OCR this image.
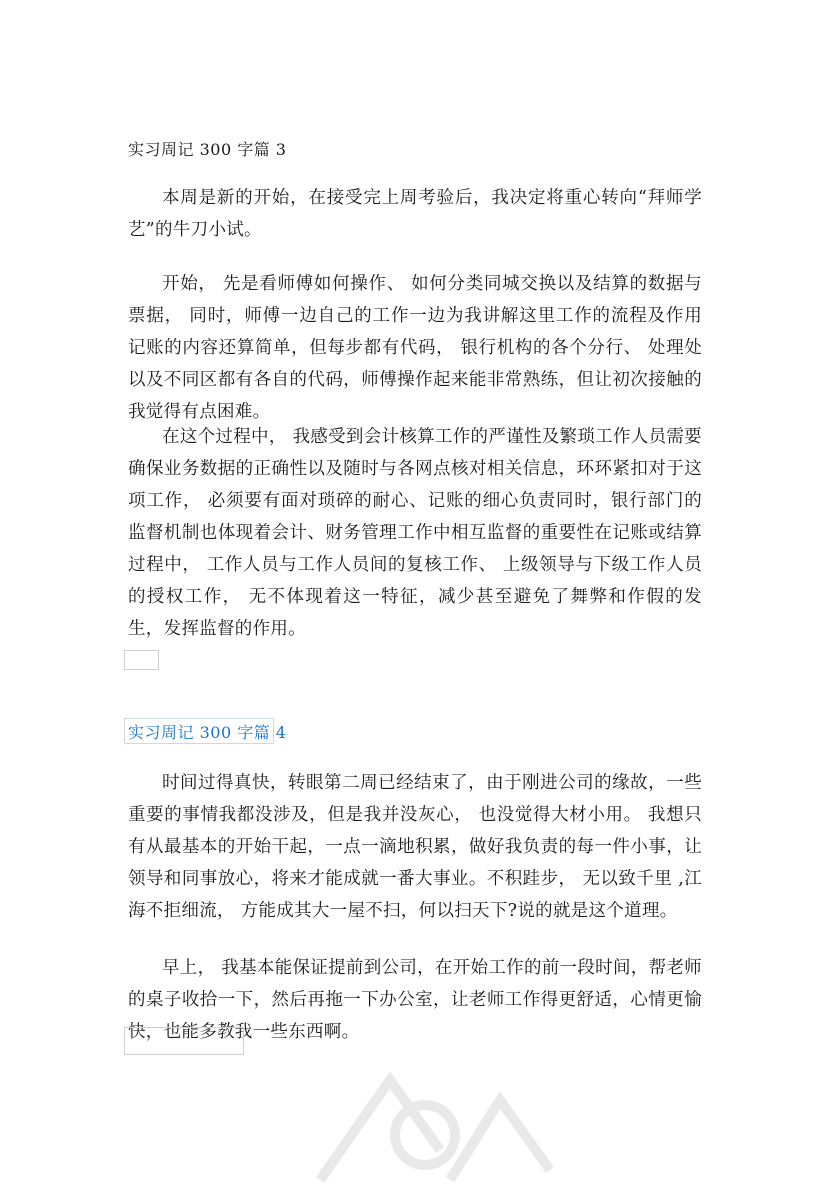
实习周记 300 字篇 3

本周是新的开始，在接受完上周考验后，我决定将重心转向“拜师学艺”的牛刀小试。

开始， 先是看师傅如何操作、 如何分类同城交换以及结算的数据与票据， 同时，师傅一边自己的工作一边为我讲解这里工作的流程及作用记账的内容还算简单，但每步都有代码， 银行机构的各个分行、 处理处以及不同区都有各自的代码，师傅操作起来能非常熟练，但让初次接触的我觉得有点困难。

在这个过程中， 我感受到会计核算工作的严谨性及繁琐工作人员需要确保业务数据的正确性以及随时与各网点核对相关信息，环环紧扣对于这项工作， 必须要有面对琐碎的耐心、记账的细心负责同时，银行部门的监督机制也体现着会计、财务管理工作中相互监督的重要性在记账或结算过程中， 工作人员与工作人员间的复核工作、 上级领导与下级工作人员的授权工作， 无不体现着这一特征，减少甚至避免了舞弊和作假的发生，发挥监督的作用。

实习周记 300 字篇 4

时间过得真快，转眼第二周已经结束了，由于刚进公司的缘故，一些重要的事情我都没涉及，但是我并没灰心， 也没觉得大材小用。 我想只有从最基本的开始干起，一点一滴地积累，做好我负责的每一件小事，让领导和同事放心，将来才能成就一番大事业。不积跬步， 无以致千里 ,江海不拒细流， 方能成其大一屋不扫，何以扫天下?说的就是这个道理。

早上， 我基本能保证提前到公司，在开始工作的前一段时间，帮老师的桌子收拾一下，然后再拖一下办公室，让老师工作得更舒适，心情更愉快，也能多教我一些东西啊。
